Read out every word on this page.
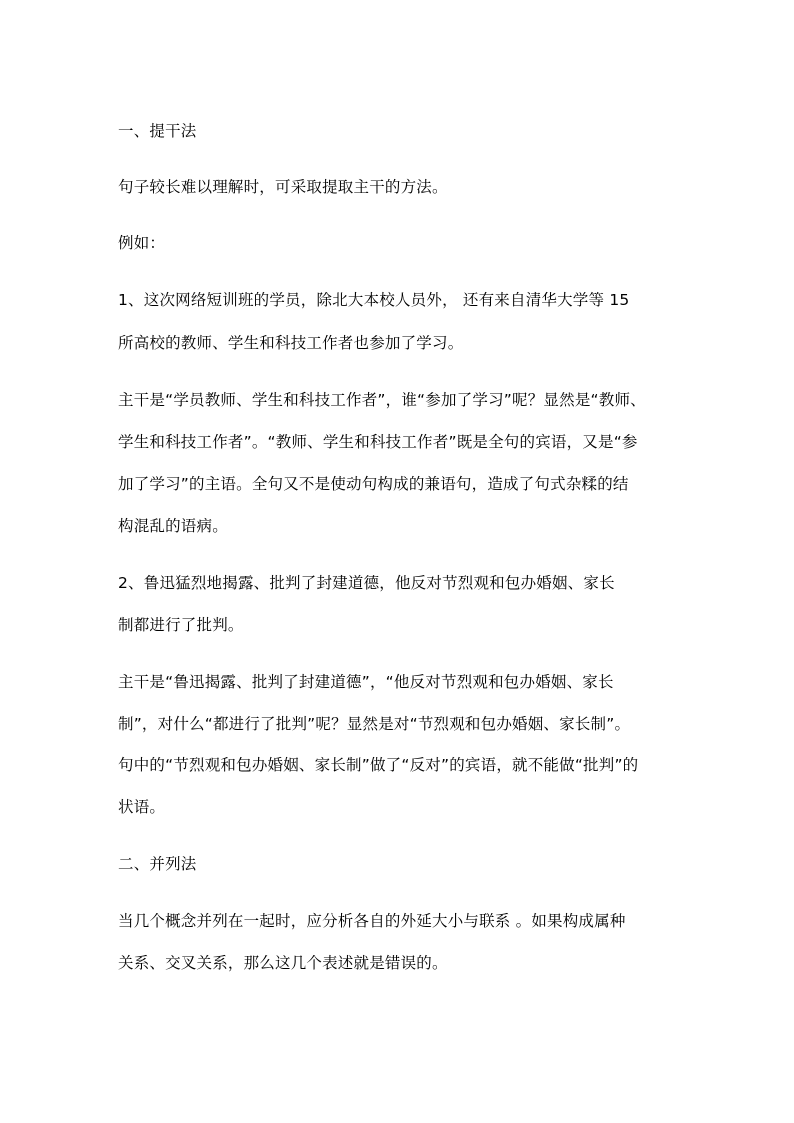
一、提干法
句子较长难以理解时，可采取提取主干的方法。
例如：
1、这次网络短训班的学员，除北大本校人员外， 还有来自清华大学等 15
所高校的教师、学生和科技工作者也参加了学习。
主干是“学员教师、学生和科技工作者”，谁“参加了学习”呢？显然是“教师、
学生和科技工作者”。“教师、学生和科技工作者”既是全句的宾语，又是“参
加了学习”的主语。全句又不是使动句构成的兼语句，造成了句式杂糅的结
构混乱的语病。
2、鲁迅猛烈地揭露、批判了封建道德，他反对节烈观和包办婚姻、家长
制都进行了批判。
主干是“鲁迅揭露、批判了封建道德”，“他反对节烈观和包办婚姻、家长
制”，对什么“都进行了批判”呢？显然是对“节烈观和包办婚姻、家长制”。
句中的“节烈观和包办婚姻、家长制”做了“反对”的宾语，就不能做“批判”的
状语。
二、并列法
当几个概念并列在一起时，应分析各自的外延大小与联系 。如果构成属种
关系、交叉关系，那么这几个表述就是错误的。
